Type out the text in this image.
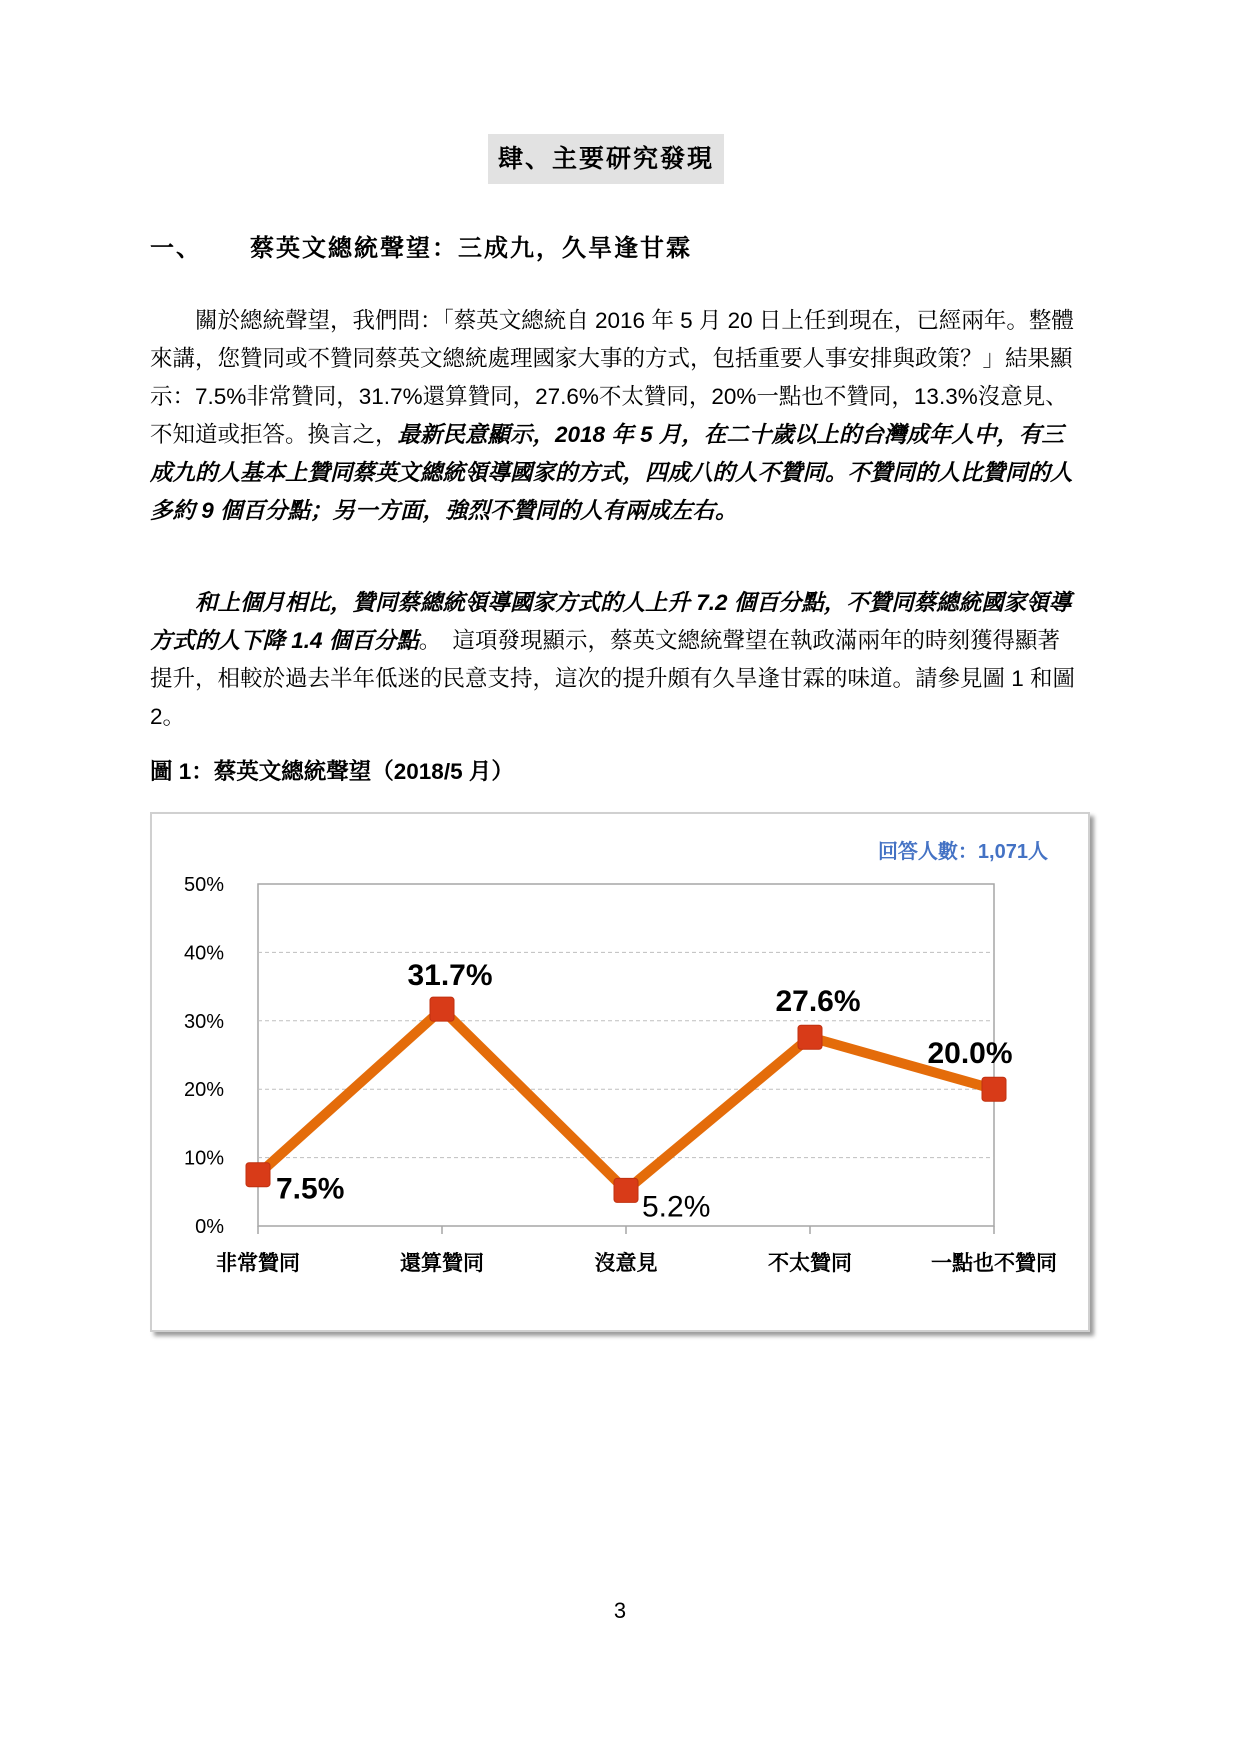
肆、主要研究發現
一、 蔡英文總統聲望：三成九，久旱逢甘霖

　　關於總統聲望，我們問：「蔡英文總統自 2016 年 5 月 20 日上任到現在，已經兩年。整體來講，您贊同或不贊同蔡英文總統處理國家大事的方式，包括重要人事安排與政策？」結果顯示：7.5%非常贊同，31.7%還算贊同，27.6%不太贊同，20%一點也不贊同，13.3%沒意見、不知道或拒答。換言之，最新民意顯示，2018 年 5 月，在二十歲以上的台灣成年人中，有三成九的人基本上贊同蔡英文總統領導國家的方式，四成八的人不贊同。不贊同的人比贊同的人多約 9 個百分點；另一方面，強烈不贊同的人有兩成左右。

　　和上個月相比，贊同蔡總統領導國家方式的人上升 7.2 個百分點，不贊同蔡總統國家領導方式的人下降 1.4 個百分點。　這項發現顯示，蔡英文總統聲望在執政滿兩年的時刻獲得顯著提升，相較於過去半年低迷的民意支持，這次的提升頗有久旱逢甘霖的味道。請參見圖 1 和圖 2。

圖 1：蔡英文總統聲望（2018/5 月）
0%
10%
20%
30%
40%
50%
非常贊同	還算贊同	沒意見	不太贊同	一點也不贊同
7.5%
31.7%
5.2%
27.6%
20.0%
回答人數：1,071人
3
